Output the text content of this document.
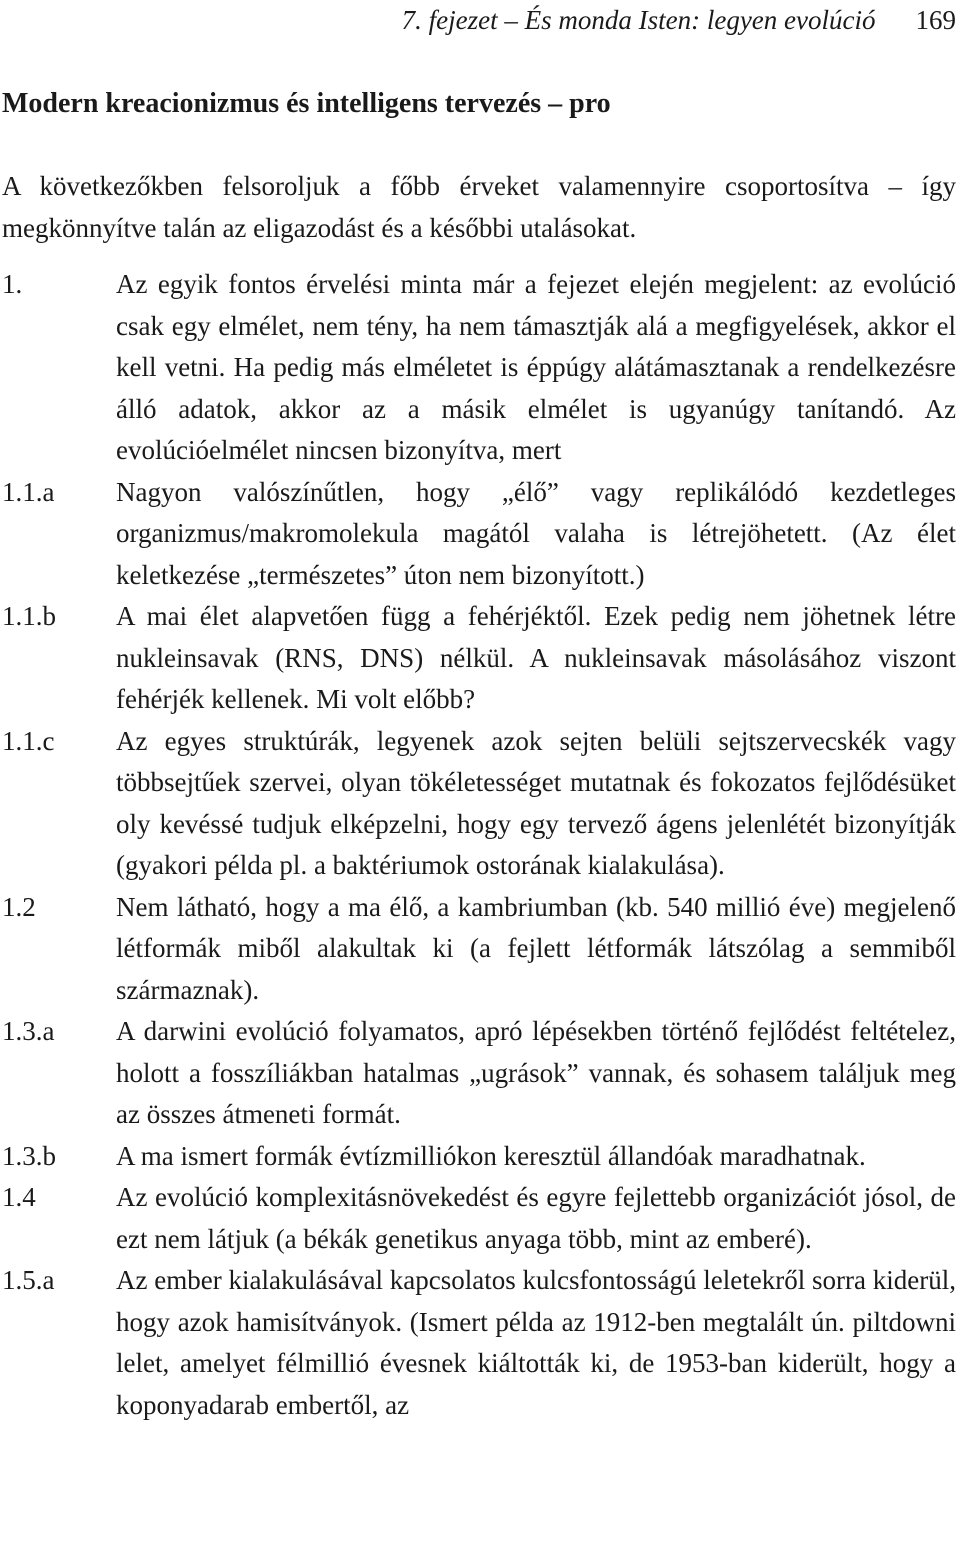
7. fejezet – És monda Isten: legyen evolúció 169
Modern kreacionizmus és intelligens tervezés – pro

A következőkben felsoroljuk a főbb érveket valamennyire csoportosítva – így megkönnyítve talán az eligazodást és a későbbi utalásokat.

1.	Az egyik fontos érvelési minta már a fejezet elején megjelent: az evolúció csak egy elmélet, nem tény, ha nem támasztják alá a megfigyelések, akkor el kell vetni. Ha pedig más elméletet is éppúgy alátámasztanak a rendelkezésre álló adatok, akkor az a másik elmélet is ugyanúgy tanítandó. Az evolúcióelmélet nincsen bizonyítva, mert
1.1.a	Nagyon valószínűtlen, hogy „élő” vagy replikálódó kezdetleges organizmus/makromolekula magától valaha is létrejöhetett. (Az élet keletkezése „természetes” úton nem bizonyított.)
1.1.b	A mai élet alapvetően függ a fehérjéktől. Ezek pedig nem jöhetnek létre nukleinsavak (RNS, DNS) nélkül. A nukleinsavak másolásához viszont fehérjék kellenek. Mi volt előbb?
1.1.c	Az egyes struktúrák, legyenek azok sejten belüli sejtszervecskék vagy többsejtűek szervei, olyan tökéletességet mutatnak és fokozatos fejlődésüket oly kevéssé tudjuk elképzelni, hogy egy tervező ágens jelenlétét bizonyítják (gyakori példa pl. a baktériumok ostorának kialakulása).
1.2	Nem látható, hogy a ma élő, a kambriumban (kb. 540 millió éve) megjelenő létformák miből alakultak ki (a fejlett létformák látszólag a semmiből származnak).
1.3.a	A darwini evolúció folyamatos, apró lépésekben történő fejlődést feltételez, holott a fosszíliákban hatalmas „ugrások” vannak, és sohasem találjuk meg az összes átmeneti formát.
1.3.b	A ma ismert formák évtízmilliókon keresztül állandóak maradhatnak.
1.4	Az evolúció komplexitásnövekedést és egyre fejlettebb organizációt jósol, de ezt nem látjuk (a békák genetikus anyaga több, mint az emberé).
1.5.a	Az ember kialakulásával kapcsolatos kulcsfontosságú leletekről sorra kiderül, hogy azok hamisítványok. (Ismert példa az 1912-ben megtalált ún. piltdowni lelet, amelyet félmillió évesnek kiáltották ki, de 1953-ban kiderült, hogy a koponyadarab embertől, az
